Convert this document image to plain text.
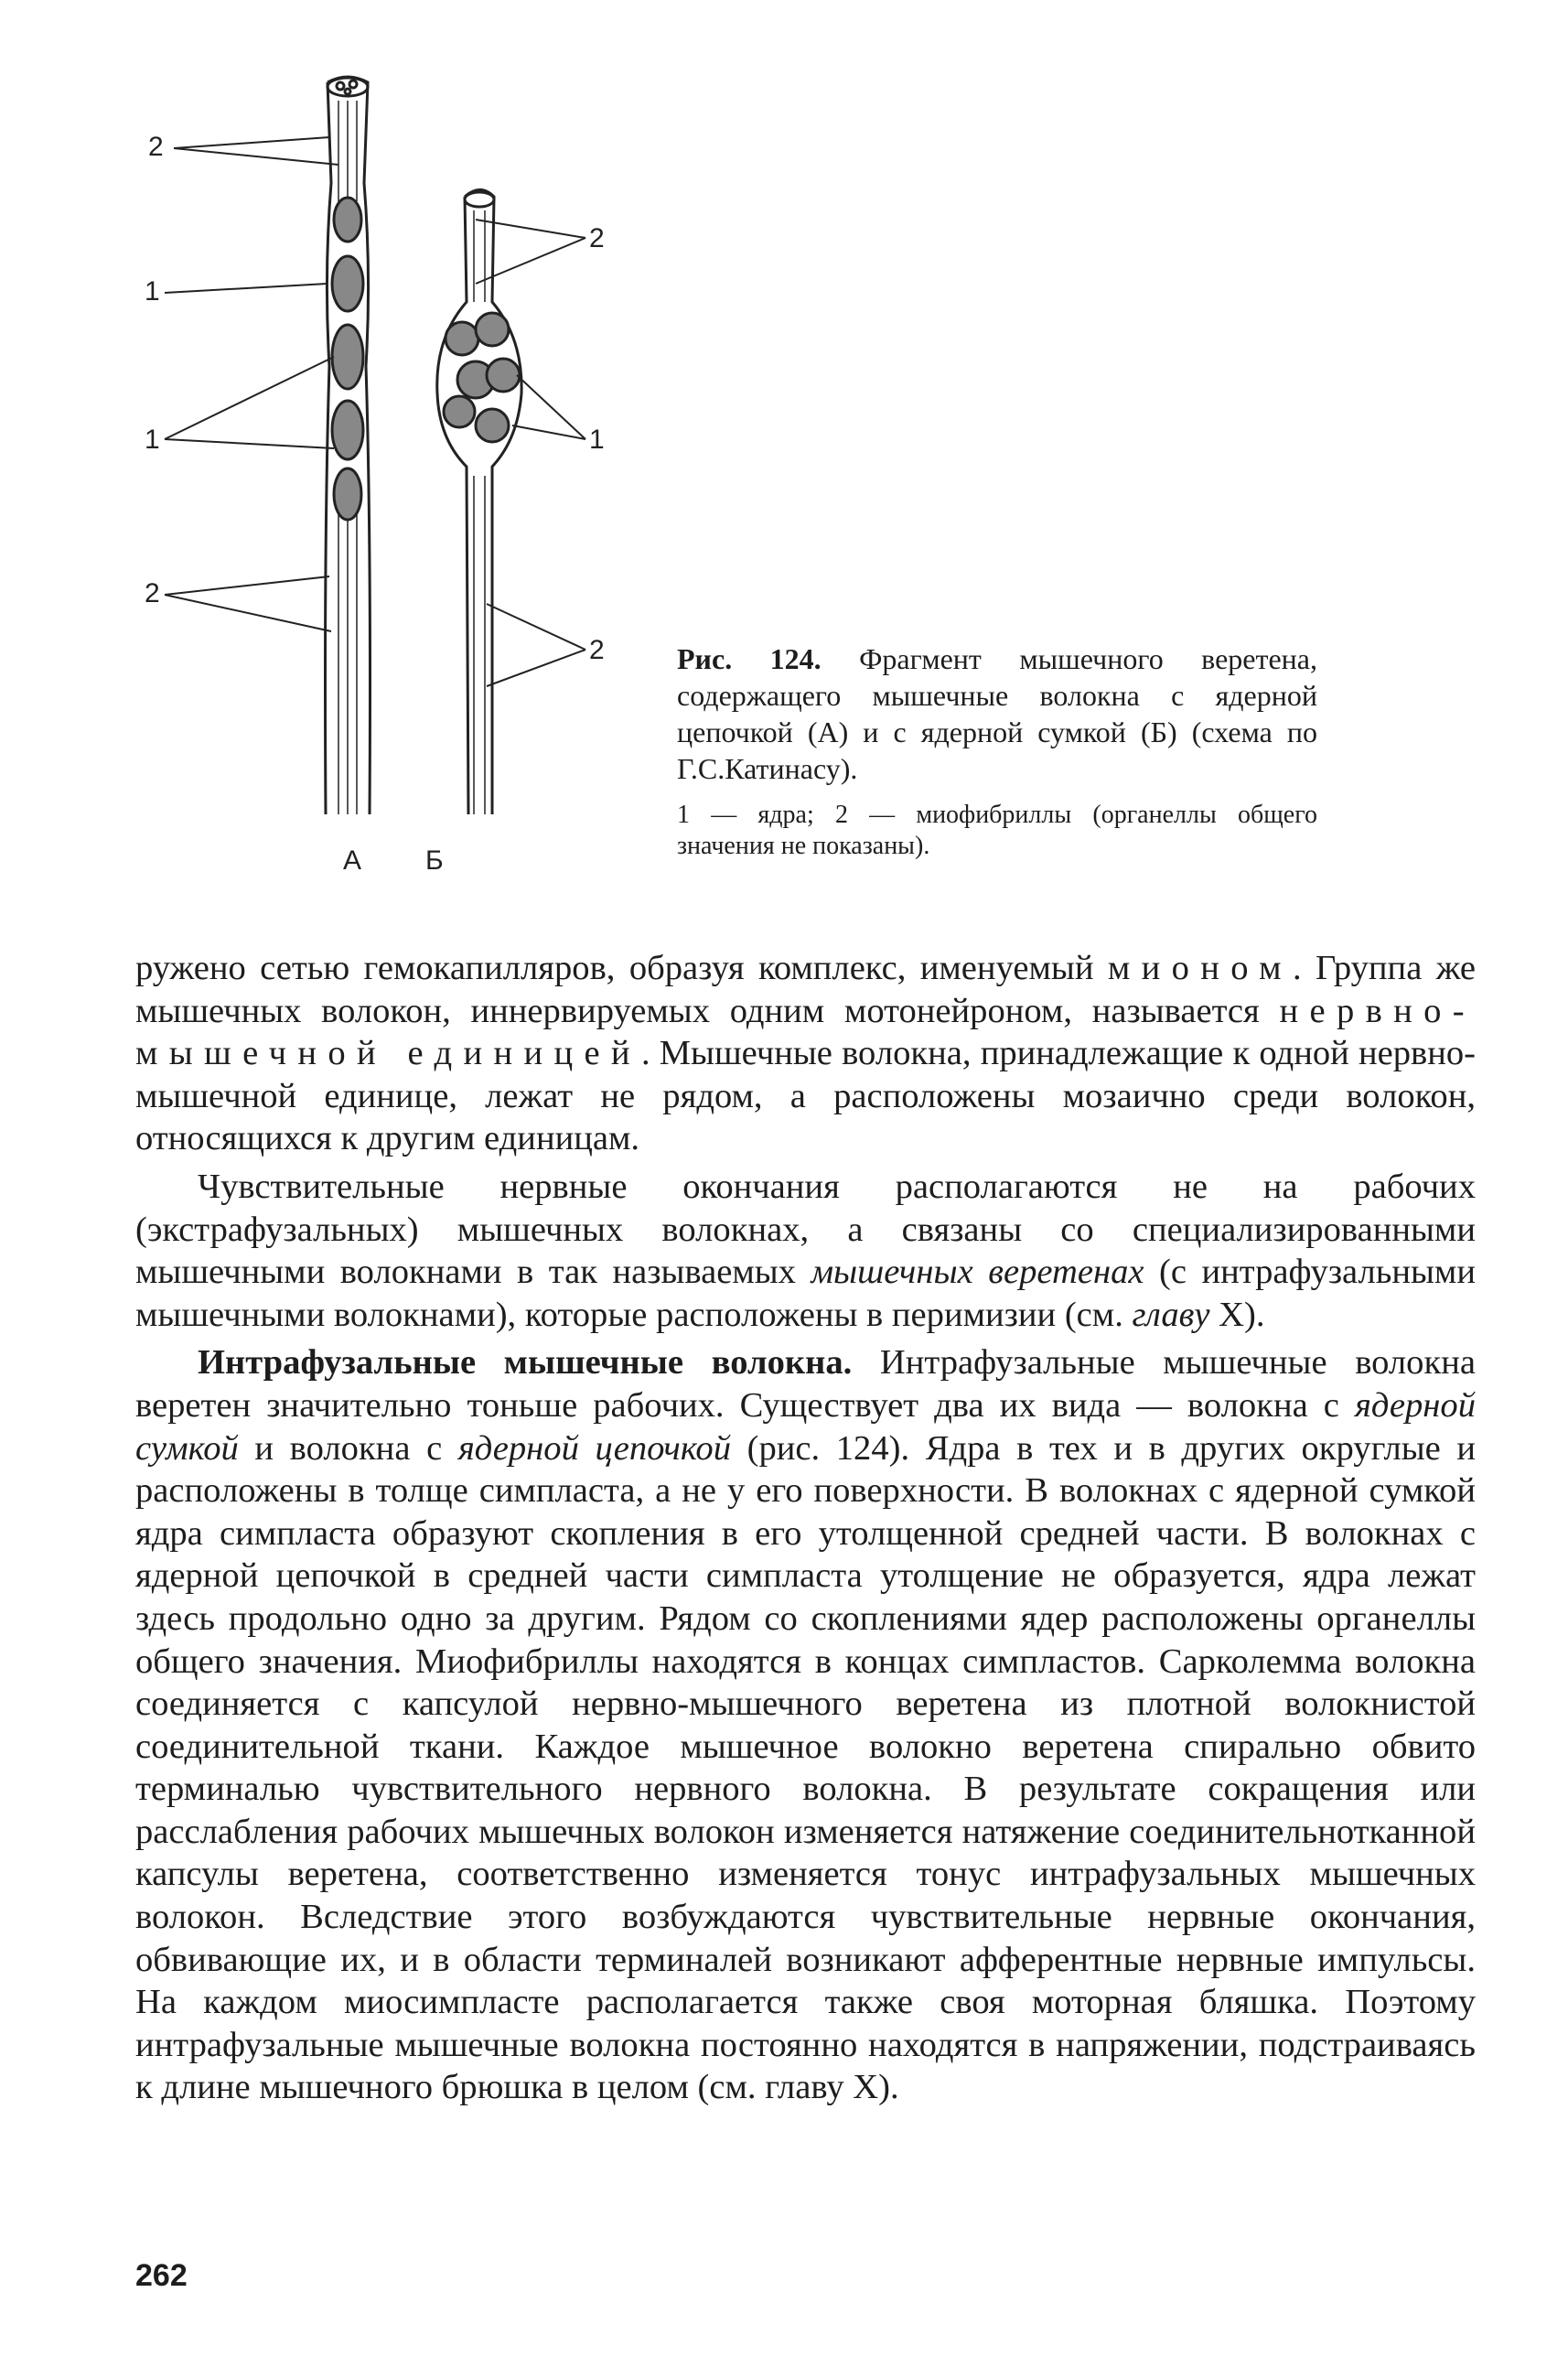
2
1
1
2
2
1
2
А Б
Рис. 124. Фрагмент мышечного веретена, содержащего мышечные волокна с ядерной цепочкой (А) и с ядерной сумкой (Б) (схема по Г.С.Катинасу).
1 — ядра; 2 — миофибриллы (органеллы общего значения не показаны).

ружено сетью гемокапилляров, образуя комплекс, именуемый мионом. Группа же мышечных волокон, иннервируемых одним мотонейроном, называется нервно-мышечной единицей. Мышечные волокна, принадлежащие к одной нервно-мышечной единице, лежат не рядом, а расположены мозаично среди волокон, относящихся к другим единицам.

Чувствительные нервные окончания располагаются не на рабочих (экстрафузальных) мышечных волокнах, а связаны со специализированными мышечными волокнами в так называемых мышечных веретенах (с интрафузальными мышечными волокнами), которые расположены в перимизии (см. главу X).

Интрафузальные мышечные волокна. Интрафузальные мышечные волокна веретен значительно тоньше рабочих. Существует два их вида — волокна с ядерной сумкой и волокна с ядерной цепочкой (рис. 124). Ядра в тех и в других округлые и расположены в толще симпласта, а не у его поверхности. В волокнах с ядерной сумкой ядра симпласта образуют скопления в его утолщенной средней части. В волокнах с ядерной цепочкой в средней части симпласта утолщение не образуется, ядра лежат здесь продольно одно за другим. Рядом со скоплениями ядер расположены органеллы общего значения. Миофибриллы находятся в концах симпластов. Сарколемма волокна соединяется с капсулой нервно-мышечного веретена из плотной волокнистой соединительной ткани. Каждое мышечное волокно веретена спирально обвито терминалью чувствительного нервного волокна. В результате сокращения или расслабления рабочих мышечных волокон изменяется натяжение соединительнотканной капсулы веретена, соответственно изменяется тонус интрафузальных мышечных волокон. Вследствие этого возбуждаются чувствительные нервные окончания, обвивающие их, и в области терминалей возникают афферентные нервные импульсы. На каждом миосимпласте располагается также своя моторная бляшка. Поэтому интрафузальные мышечные волокна постоянно находятся в напряжении, подстраиваясь к длине мышечного брюшка в целом (см. главу X).

262
